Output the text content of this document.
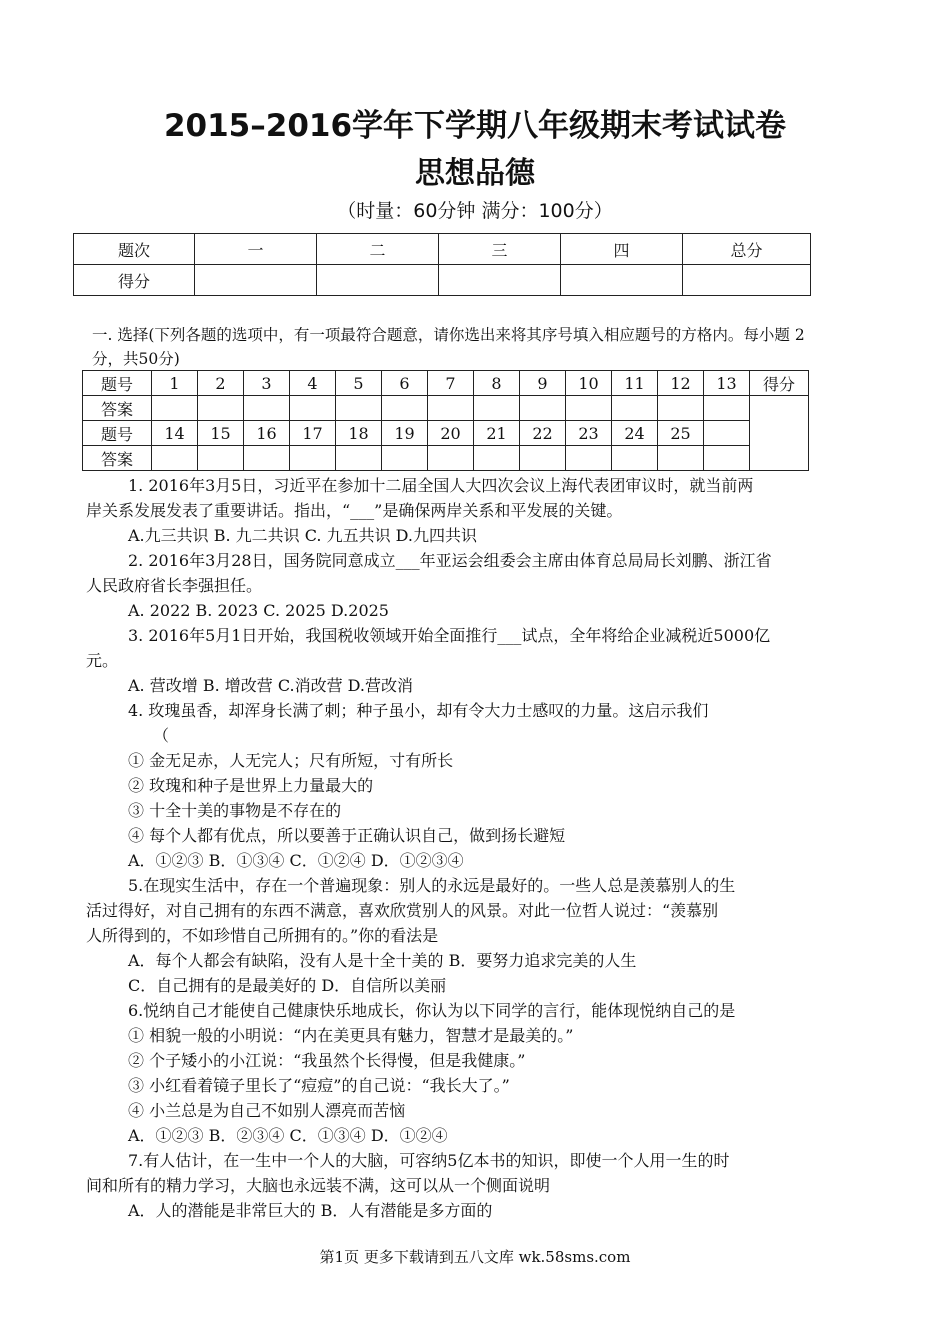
2015–2016学年下学期八年级期末考试试卷
思想品德
（时量：60分钟 满分：100分）
题次	一	二	三	四	总分
得分					
一. 选择(下列各题的选项中，有一项最符合题意，请你选出来将其序号填入相应题号的方格内。每小题 2
分，共50分)
题号	1	2	3	4	5	6	7	8	9	10	11	12	13	得分
答案														
题号	14	15	16	17	18	19	20	21	22	23	24	25		
答案														
1. 2016年3月5日，习近平在参加十二届全国人大四次会议上海代表团审议时，就当前两
岸关系发展发表了重要讲话。指出，“___”是确保两岸关系和平发展的关键。
A.九三共识 B. 九二共识 C. 九五共识 D.九四共识
2. 2016年3月28日，国务院同意成立___年亚运会组委会主席由体育总局局长刘鹏、浙江省
人民政府省长李强担任。
A. 2022 B. 2023 C. 2025 D.2025
3. 2016年5月1日开始，我国税收领域开始全面推行___试点，全年将给企业减税近5000亿
元。
A. 营改增 B. 增改营 C.消改营 D.营改消
4. 玫瑰虽香，却浑身长满了刺；种子虽小，却有令大力士感叹的力量。这启示我们
（
① 金无足赤，人无完人；尺有所短，寸有所长
② 玫瑰和种子是世界上力量最大的
③ 十全十美的事物是不存在的
④ 每个人都有优点，所以要善于正确认识自己，做到扬长避短
A．①②③ B．①③④ C．①②④ D．①②③④
5.在现实生活中，存在一个普遍现象：别人的永远是最好的。一些人总是羡慕别人的生
活过得好，对自己拥有的东西不满意，喜欢欣赏别人的风景。对此一位哲人说过：“羡慕别
人所得到的，不如珍惜自己所拥有的。”你的看法是
A．每个人都会有缺陷，没有人是十全十美的 B．要努力追求完美的人生
C．自己拥有的是最美好的 D．自信所以美丽
6.悦纳自己才能使自己健康快乐地成长，你认为以下同学的言行，能体现悦纳自己的是
① 相貌一般的小明说：“内在美更具有魅力，智慧才是最美的。”
② 个子矮小的小江说：“我虽然个长得慢，但是我健康。”
③ 小红看着镜子里长了“痘痘”的自己说：“我长大了。”
④ 小兰总是为自己不如别人漂亮而苦恼
A．①②③ B．②③④ C．①③④ D．①②④
7.有人估计，在一生中一个人的大脑，可容纳5亿本书的知识，即使一个人用一生的时
间和所有的精力学习，大脑也永远装不满，这可以从一个侧面说明
A．人的潜能是非常巨大的 B．人有潜能是多方面的
第1页 更多下载请到五八文库 wk.58sms.com
